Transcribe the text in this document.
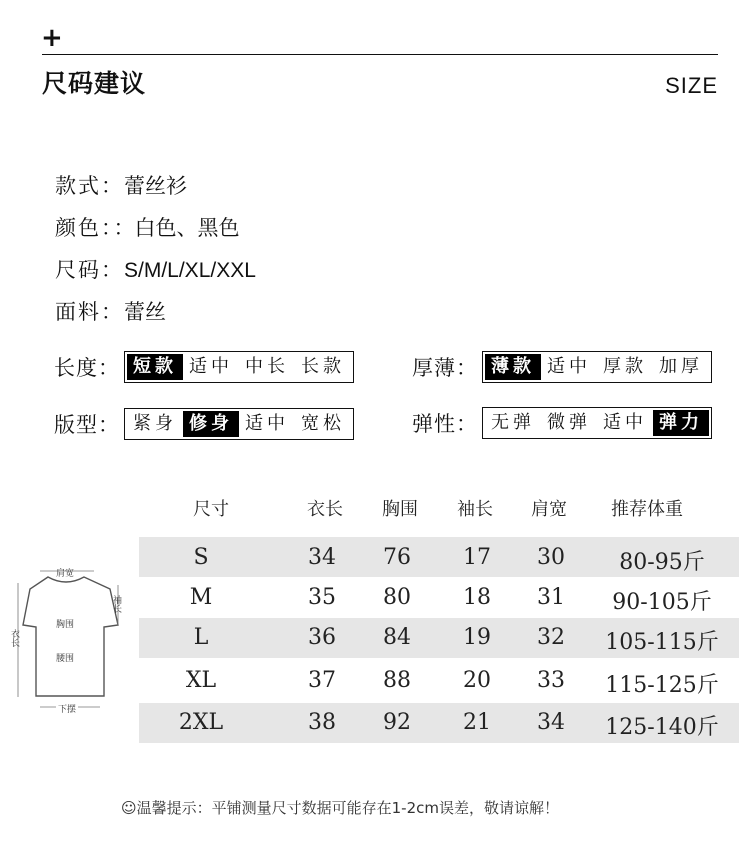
+
尺码建议	SIZE
款式：蕾丝衫
颜色：：白色、黑色
尺码：S/M/L/XL/XXL
面料：蕾丝
长度： 短款 适中 中长 长款	厚薄： 薄款 适中 厚款 加厚
版型： 紧身 修身 适中 宽松	弹性： 无弹 微弹 适中 弹力
尺寸	衣长 胸围 袖长 肩宽 推荐体重
S	34 76 17 30 80-95斤
M	35 80 18 31 90-105斤
L	36 84 19 32 105-115斤
XL	37 88 20 33 115-125斤
2XL	38 92 21 34 125-140斤
肩宽
袖长
胸围
衣长
腰围
下摆
☺温馨提示：平铺测量尺寸数据可能存在1-2cm误差，敬请谅解！
